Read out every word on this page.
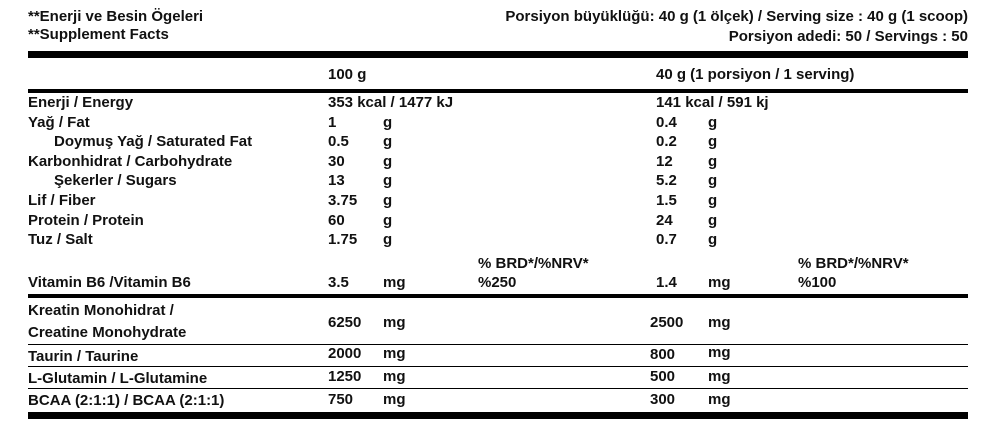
**Enerji ve Besin Ögeleri
**Supplement Facts
Porsiyon büyüklüğü: 40 g (1 ölçek) / Serving size : 40 g (1 scoop)
Porsiyon adedi: 50 / Servings : 50
100 g	40 g (1 porsiyon / 1 serving)
Enerji / Energy	353 kcal / 1477 kJ	141 kcal / 591 kj
Yağ / Fat	1	g	0.4 g
Doymuş Yağ / Saturated Fat	0.5 g	0.2 g
Karbonhidrat / Carbohydrate	30	g	12 g
Şekerler / Sugars	13	g	5.2 g
Lif / Fiber	3.75 g	1.5 g
Protein / Protein	60	g	24 g
Tuz / Salt	1.75 g	0.7 g
% BRD*/%NRV*	% BRD*/%NRV*
Vitamin B6 /Vitamin B6	3.5 mg	%250	1.4 mg	%100
Kreatin Monohidrat /
Creatine Monohydrate
6250 mg	2500 mg
Taurin / Taurine	2000 mg	800 mg
L-Glutamin / L-Glutamine	1250 mg	500 mg
BCAA (2:1:1) / BCAA (2:1:1)	750 mg	300 mg
